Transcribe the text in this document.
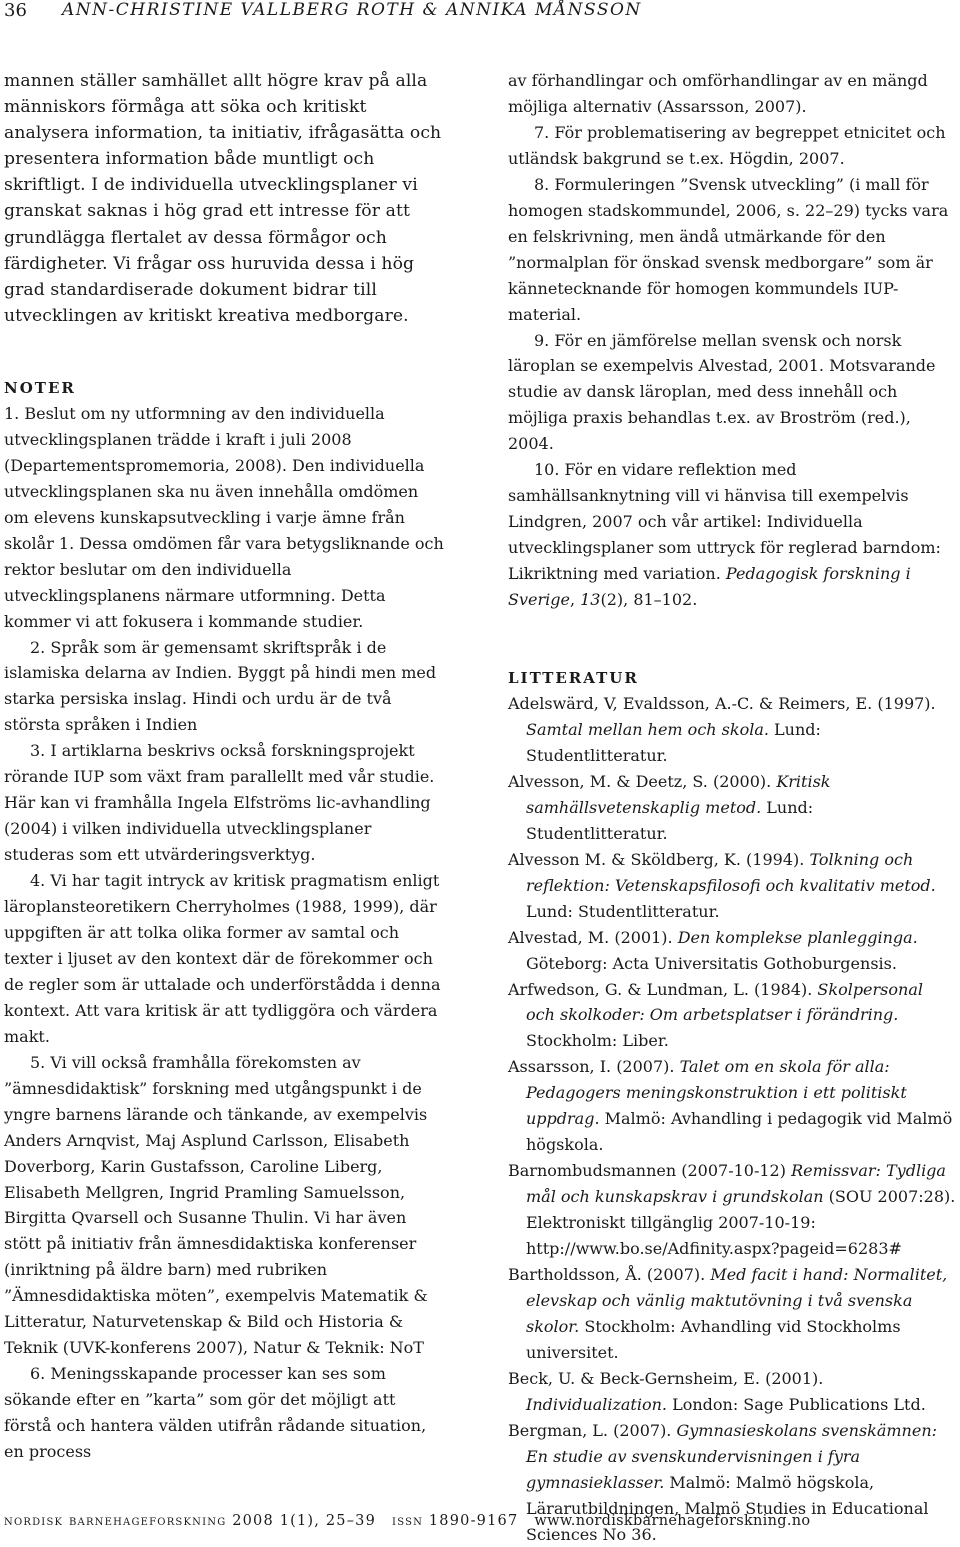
36 ANN-CHRISTINE VALLBERG ROTH & ANNIKA MÅNSSON

mannen ställer samhället allt högre krav på alla människors förmåga att söka och kritiskt analysera information, ta initiativ, ifrågasätta och presentera information både muntligt och skriftligt. I de individuella utvecklingsplaner vi granskat saknas i hög grad ett intresse för att grundlägga flertalet av dessa förmågor och färdigheter. Vi frågar oss huruvida dessa i hög grad standardiserade dokument bidrar till utvecklingen av kritiskt kreativa medborgare.

NOTER

1. Beslut om ny utformning av den individuella utvecklingsplanen trädde i kraft i juli 2008 (Departementspromemoria, 2008). Den individuella utvecklingsplanen ska nu även innehålla omdömen om elevens kunskapsutveckling i varje ämne från skolår 1. Dessa omdömen får vara betygsliknande och rektor beslutar om den individuella utvecklingsplanens närmare utformning. Detta kommer vi att fokusera i kommande studier.

2. Språk som är gemensamt skriftspråk i de islamiska delarna av Indien. Byggt på hindi men med starka persiska inslag. Hindi och urdu är de två största språken i Indien

3. I artiklarna beskrivs också forskningsprojekt rörande IUP som växt fram parallellt med vår studie. Här kan vi framhålla Ingela Elfströms lic-avhandling (2004) i vilken individuella utvecklingsplaner studeras som ett utvärderingsverktyg.

4. Vi har tagit intryck av kritisk pragmatism enligt läroplansteoretikern Cherryholmes (1988, 1999), där uppgiften är att tolka olika former av samtal och texter i ljuset av den kontext där de förekommer och de regler som är uttalade och underförstådda i denna kontext. Att vara kritisk är att tydliggöra och värdera makt.

5. Vi vill också framhålla förekomsten av ”ämnesdidaktisk” forskning med utgångspunkt i de yngre barnens lärande och tänkande, av exempelvis Anders Arnqvist, Maj Asplund Carlsson, Elisabeth Doverborg, Karin Gustafsson, Caroline Liberg, Elisabeth Mellgren, Ingrid Pramling Samuelsson, Birgitta Qvarsell och Susanne Thulin. Vi har även stött på initiativ från ämnesdidaktiska konferenser (inriktning på äldre barn) med rubriken ”Ämnesdidaktiska möten”, exempelvis Matematik & Litteratur, Naturvetenskap & Bild och Historia & Teknik (UVK-konferens 2007), Natur & Teknik: NoT

6. Meningsskapande processer kan ses som sökande efter en ”karta” som gör det möjligt att förstå och hantera välden utifrån rådande situation, en process

av förhandlingar och omförhandlingar av en mängd möjliga alternativ (Assarsson, 2007).

7. För problematisering av begreppet etnicitet och utländsk bakgrund se t.ex. Högdin, 2007.

8. Formuleringen ”Svensk utveckling” (i mall för homogen stadskommundel, 2006, s. 22–29) tycks vara en felskrivning, men ändå utmärkande för den ”normalplan för önskad svensk medborgare” som är kännetecknande för homogen kommundels IUP-material.

9. För en jämförelse mellan svensk och norsk läroplan se exempelvis Alvestad, 2001. Motsvarande studie av dansk läroplan, med dess innehåll och möjliga praxis behandlas t.ex. av Broström (red.), 2004.

10. För en vidare reflektion med samhällsanknytning vill vi hänvisa till exempelvis Lindgren, 2007 och vår artikel: Individuella utvecklingsplaner som uttryck för reglerad barndom: Likriktning med variation. Pedagogisk forskning i Sverige, 13(2), 81–102.

LITTERATUR

Adelswärd, V, Evaldsson, A.-C. & Reimers, E. (1997). Samtal mellan hem och skola. Lund: Studentlitteratur.

Alvesson, M. & Deetz, S. (2000). Kritisk samhällsvetenskaplig metod. Lund: Studentlitteratur.

Alvesson M. & Sköldberg, K. (1994). Tolkning och reflektion: Vetenskapsfilosofi och kvalitativ metod. Lund: Studentlitteratur.

Alvestad, M. (2001). Den komplekse planlegginga. Göteborg: Acta Universitatis Gothoburgensis.

Arfwedson, G. & Lundman, L. (1984). Skolpersonal och skolkoder: Om arbetsplatser i förändring. Stockholm: Liber.

Assarsson, I. (2007). Talet om en skola för alla: Pedagogers meningskonstruktion i ett politiskt uppdrag. Malmö: Avhandling i pedagogik vid Malmö högskola.

Barnombudsmannen (2007-10-12) Remissvar: Tydliga mål och kunskapskrav i grundskolan (SOU 2007:28). Elektroniskt tillgänglig 2007-10-19: http://www.bo.se/Adfinity.aspx?pageid=6283#

Bartholdsson, Å. (2007). Med facit i hand: Normalitet, elevskap och vänlig maktutövning i två svenska skolor. Stockholm: Avhandling vid Stockholms universitet.

Beck, U. & Beck-Gernsheim, E. (2001). Individualization. London: Sage Publications Ltd.

Bergman, L. (2007). Gymnasieskolans svenskämnen: En studie av svenskundervisningen i fyra gymnasieklasser. Malmö: Malmö högskola, Lärarutbildningen, Malmö Studies in Educational Sciences No 36.

nordisk barnehageforskning 2008 1(1), 25–39 issn 1890-9167 www.nordiskbarnehageforskning.no
